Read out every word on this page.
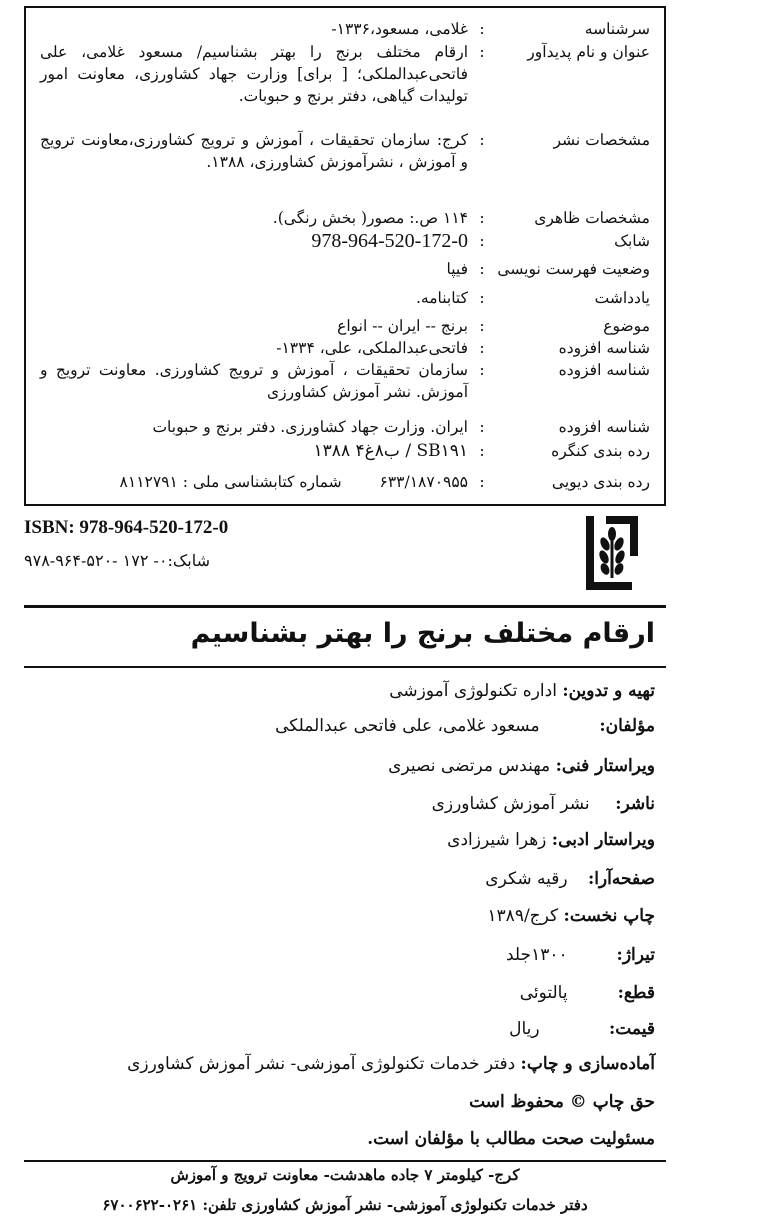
سرشناسه
:
غلامی، مسعود،۱۳۳۶-
عنوان و نام پدیدآور
:
ارقام مختلف برنج را بهتر بشناسیم/ مسعود غلامی، علی فاتحی‌عبدالملکی؛ [ برای] وزارت جهاد کشاورزی، معاونت امور تولیدات گیاهی، دفتر برنج و حبوبات.
مشخصات نشر
:
کرج: سازمان تحقیقات ، آموزش و ترویج کشاورزی،معاونت ترویج و آموزش ، نشرآموزش کشاورزی، ۱۳۸۸.
مشخصات ظاهری
:
۱۱۴ ص.: مصور( بخش رنگی).
شابک
:
978-964-520-172-0
وضعیت فهرست نویسی
:
فیپا
یادداشت
:
کتابنامه.
موضوع
:
برنج -- ایران -- انواع
شناسه افزوده
:
فاتحی‌عبدالملکی، علی، ۱۳۳۴-
شناسه افزوده
:
سازمان تحقیقات ، آموزش و ترویج کشاورزی. معاونت ترویج و آموزش. نشر آموزش کشاورزی
شناسه افزوده
:
ایران. وزارت جهاد کشاورزی. دفتر برنج و حبوبات
رده بندی کنگره
:
SB۱۹۱ / ب‌۸غ۴ ۱۳۸۸
رده بندی دیویی
:
۶۳۳/۱۸۷۰۹۵۵  شماره کتابشناسی ملی : ۸۱۱۲۷۹۱
ISBN: 978-964-520-172-0
شابک:۰- ۱۷۲ -۵۲۰-۹۶۴-۹۷۸
ارقام مختلف برنج را بهتر بشناسیم
تهیه و تدوین: اداره تکنولوژی آموزشی
مؤلفان: مسعود غلامی، علی فاتحی عبدالملکی
ویراستار فنی: مهندس مرتضی نصیری
ناشر: نشر آموزش کشاورزی
ویراستار ادبی: زهرا شیرزادی
صفحه‌آرا: رقیه شکری
چاپ نخست: کرج/۱۳۸۹
تیراژ: ۱۳۰۰جلد
قطع: پالتوئی
قیمت: ریال
آماده‌سازی و چاپ: دفتر خدمات تکنولوژی آموزشی- نشر آموزش کشاورزی
حق چاپ © محفوظ است
مسئولیت صحت مطالب با مؤلفان است.
کرج- کیلومتر ۷ جاده ماهدشت- معاونت ترویج و آموزش
دفتر خدمات تکنولوژی آموزشی- نشر آموزش کشاورزی تلفن: ۰۲۶۱-۶۷۰۰۶۲۲
